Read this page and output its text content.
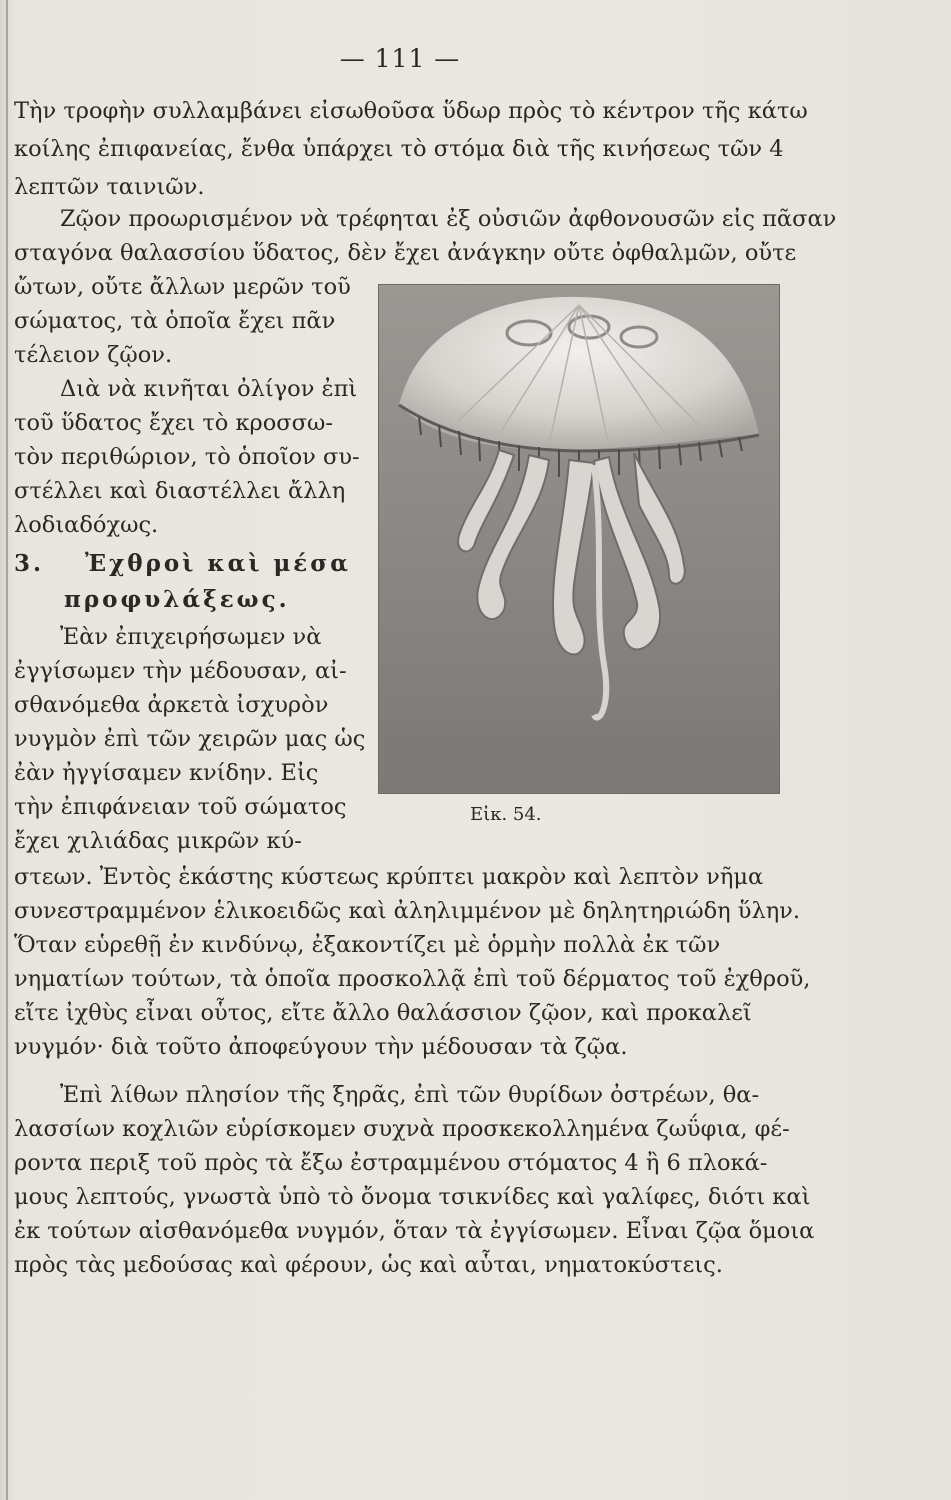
— 111 —
Τὴν τροφὴν συλλαμβάνει εἰσωθοῦσα ὕδωρ πρὸς τὸ κέντρον τῆς κάτω
κοίλης ἐπιφανείας, ἔνθα ὑπάρχει τὸ στόμα διὰ τῆς κινήσεως τῶν 4
λεπτῶν ταινιῶν.
Ζῷον προωρισμένον νὰ τρέφηται ἐξ οὐσιῶν ἀφθονουσῶν εἰς πᾶσαν
σταγόνα θαλασσίου ὕδατος, δὲν ἔχει ἀνάγκην οὔτε ὀφθαλμῶν, οὔτε
ὤτων, οὔτε ἄλλων μερῶν τοῦ
σώματος, τὰ ὁποῖα ἔχει πᾶν
τέλειον ζῷον.
Διὰ νὰ κινῆται ὀλίγον ἐπὶ
τοῦ ὕδατος ἔχει τὸ κροσσω-
τὸν περιθώριον, τὸ ὁποῖον συ-
στέλλει καὶ διαστέλλει ἄλλη
λοδιαδόχως.
3. Ἐχθροὶ καὶ μέσα
προφυλάξεως.
Ἐὰν ἐπιχειρήσωμεν νὰ
ἐγγίσωμεν τὴν μέδουσαν, αἰ-
σθανόμεθα ἀρκετὰ ἰσχυρὸν
νυγμὸν ἐπὶ τῶν χειρῶν μας ὡς
ἐὰν ἠγγίσαμεν κνίδην. Εἰς
τὴν ἐπιφάνειαν τοῦ σώματος
ἔχει χιλιάδας μικρῶν κύ-
Εἰκ. 54.
στεων. Ἐντὸς ἑκάστης κύστεως κρύπτει μακρὸν καὶ λεπτὸν νῆμα
συνεστραμμένον ἑλικοειδῶς καὶ ἀληλιμμένον μὲ δηλητηριώδη ὕλην.
Ὅταν εὑρεθῇ ἐν κινδύνῳ, ἐξακοντίζει μὲ ὁρμὴν πολλὰ ἐκ τῶν
νηματίων τούτων, τὰ ὁποῖα προσκολλᾷ ἐπὶ τοῦ δέρματος τοῦ ἐχθροῦ,
εἴτε ἰχθὺς εἶναι οὗτος, εἴτε ἄλλο θαλάσσιον ζῷον, καὶ προκαλεῖ
νυγμόν· διὰ τοῦτο ἀποφεύγουν τὴν μέδουσαν τὰ ζῷα.
Ἐπὶ λίθων πλησίον τῆς ξηρᾶς, ἐπὶ τῶν θυρίδων ὀστρέων, θα-
λασσίων κοχλιῶν εὑρίσκομεν συχνὰ προσκεκολλημένα ζωΰφια, φέ-
ροντα περιξ τοῦ πρὸς τὰ ἔξω ἐστραμμένου στόματος 4 ἢ 6 πλοκά-
μους λεπτούς, γνωστὰ ὑπὸ τὸ ὄνομα τσικνίδες καὶ γαλίφες, διότι καὶ
ἐκ τούτων αἰσθανόμεθα νυγμόν, ὅταν τὰ ἐγγίσωμεν. Εἶναι ζῷα ὅμοια
πρὸς τὰς μεδούσας καὶ φέρουν, ὡς καὶ αὗται, νηματοκύστεις.
